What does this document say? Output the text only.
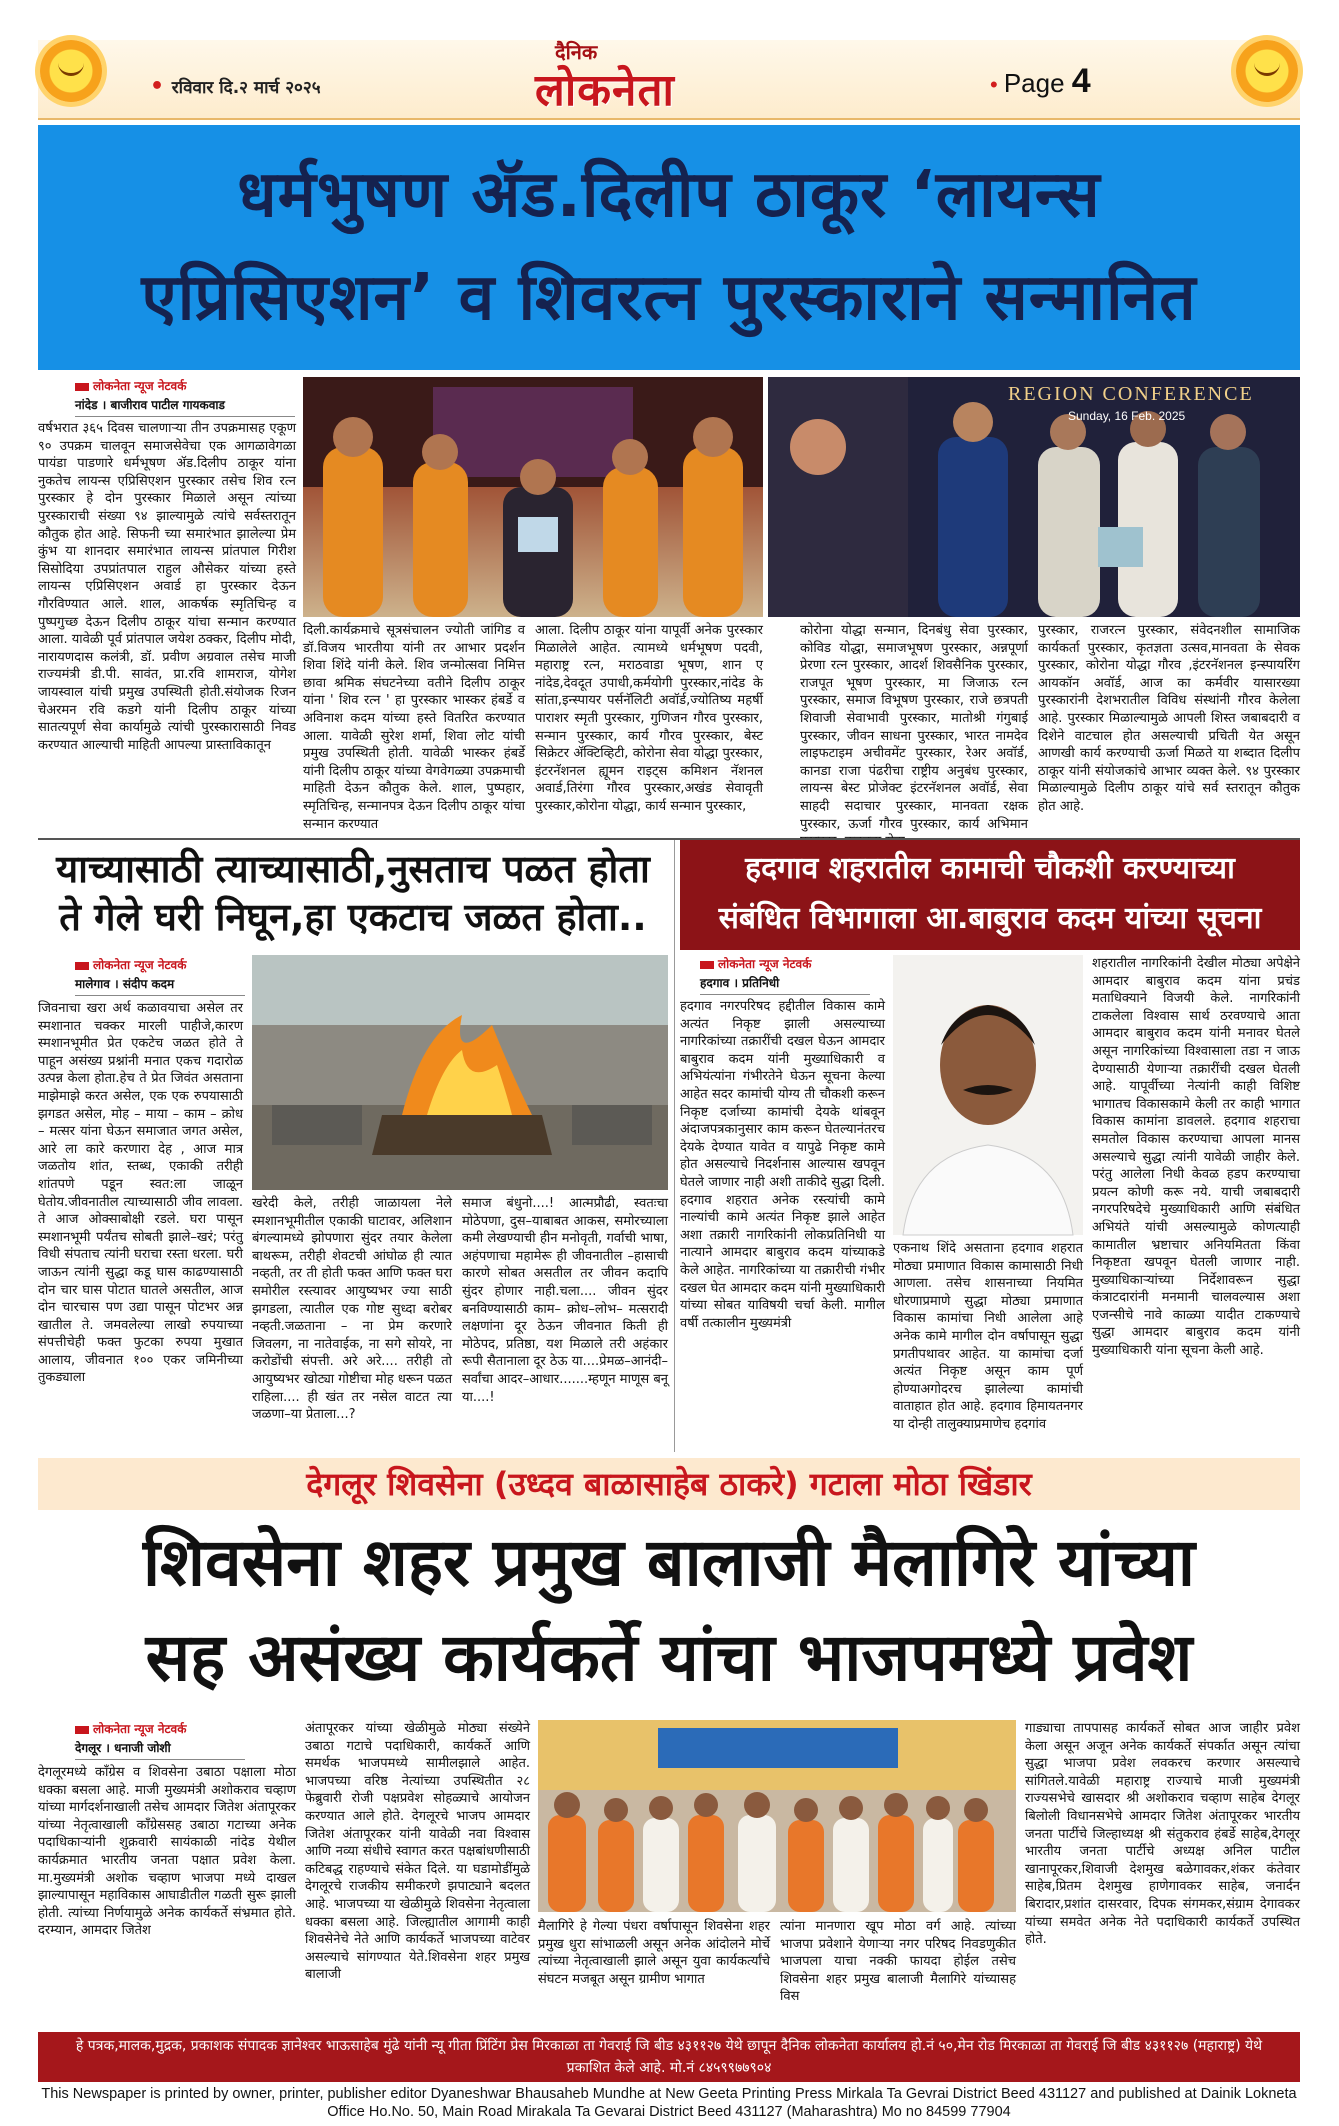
• रविवार दि.२ मार्च २०२५
दैनिक
लोकनेता	• Page 4
धर्मभुषण ॲड.दिलीप ठाकूर ‘लायन्स
एप्रिसिएशन’ व शिवरत्न पुरस्काराने सन्मानित
लोकनेता न्यूज नेटवर्क
नांदेड । बाजीराव पाटील गायकवाड
वर्षभरात ३६५ दिवस चालणाऱ्या तीन उपक्रमासह एकूण ९० उपक्रम चालवून समाजसेवेचा एक आगळावेगळा पायंडा पाडणारे धर्मभूषण ॲड.दिलीप ठाकूर यांना नुकतेच लायन्स एप्रिसिएशन पुरस्कार तसेच शिव रत्न पुरस्कार हे दोन पुरस्कार मिळाले असून त्यांच्या पुरस्काराची संख्या ९४ झाल्यामुळे त्यांचे सर्वस्तरातून कौतुक होत आहे. सिफनी च्या समारंभात झालेल्या प्रेम कुंभ या शानदार समारंभात लायन्स प्रांतपाल गिरीश सिसोदिया उपप्रांतपाल राहुल औसेकर यांच्या हस्ते लायन्स एप्रिसिएशन अवार्ड हा पुरस्कार देऊन गौरविण्यात आले. शाल, आकर्षक स्मृतिचिन्ह व पुष्पगुच्छ देऊन दिलीप ठाकूर यांचा सन्मान करण्यात आला. यावेळी पूर्व प्रांतपाल जयेश ठक्कर, दिलीप मोदी, नारायणदास कलंत्री, डॉ. प्रवीण अग्रवाल तसेच माजी राज्यमंत्री डी.पी. सावंत, प्रा.रवि शामराज, योगेश जायस्वाल यांची प्रमुख उपस्थिती होती.संयोजक रिजन चेअरमन रवि कडगे यांनी दिलीप ठाकूर यांच्या सातत्यपूर्ण सेवा कार्यामुळे त्यांची पुरस्कारासाठी निवड करण्यात आल्याची माहिती आपल्या प्रास्ताविकातून
REGION CONFERENCE
Sunday, 16 Feb. 2025
दिली.कार्यक्रमाचे सूत्रसंचालन ज्योती जांगिड व डॉ.विजय भारतीया यांनी तर आभार प्रदर्शन शिवा शिंदे यांनी केले. शिव जन्मोत्सवा निमित्त छावा श्रमिक संघटनेच्या वतीने दिलीप ठाकूर यांना ' शिव रत्न ' हा पुरस्कार भास्कर हंबर्डे व अविनाश कदम यांच्या हस्ते वितरित करण्यात आला. यावेळी सुरेश शर्मा, शिवा लोट यांची प्रमुख उपस्थिती होती. यावेळी भास्कर हंबर्डे यांनी दिलीप ठाकूर यांच्या वेगवेगळ्या उपक्रमाची माहिती देऊन कौतुक केले. शाल, पुष्पहार, स्मृतिचिन्ह, सन्मानपत्र देऊन दिलीप ठाकूर यांचा सन्मान करण्यात
आला. दिलीप ठाकूर यांना यापूर्वी अनेक पुरस्कार मिळालेले आहेत. त्यामध्ये धर्मभूषण पदवी, महाराष्ट्र रत्न, मराठवाडा भूषण, शान ए नांदेड,देवदूत उपाधी,कर्मयोगी पुरस्कार,नांदेड के सांता,इन्स्पायर पर्सनॅलिटी अवॉर्ड,ज्योतिष्य महर्षी पाराशर स्मृती पुरस्कार, गुणिजन गौरव पुरस्कार, सन्मान पुरस्कार, कार्य गौरव पुरस्कार, बेस्ट सिक्रेटर ॲक्टिव्हिटी, कोरोना सेवा योद्धा पुरस्कार, इंटरनॅशनल ह्यूमन राइट्स कमिशन नॅशनल अवार्ड,तिरंगा गौरव पुरस्कार,अखंड सेवावृती पुरस्कार,कोरोना योद्धा, कार्य सन्मान पुरस्कार,
कोरोना योद्धा सन्मान, दिनबंधु सेवा पुरस्कार, कोविड योद्धा, समाजभूषण पुरस्कार, अन्नपूर्णा प्रेरणा रत्न पुरस्कार, आदर्श शिवसैनिक पुरस्कार, राजपूत भूषण पुरस्कार, मा जिजाऊ रत्न पुरस्कार, समाज विभूषण पुरस्कार, राजे छत्रपती शिवाजी सेवाभावी पुरस्कार, मातोश्री गंगुबाई पुरस्कार, जीवन साधना पुरस्कार, भारत नामदेव लाइफटाइम अचीवमेंट पुरस्कार, रेअर अवॉर्ड, कानडा राजा पंढरीचा राष्ट्रीय अनुबंध पुरस्कार, लायन्स बेस्ट प्रोजेक्ट इंटरनॅशनल अवॉर्ड, सेवा साहदी सदाचार पुरस्कार, मानवता रक्षक पुरस्कार, ऊर्जा गौरव पुरस्कार, कार्य अभिमान
पुरस्कार, राजरत्न पुरस्कार, संवेदनशील सामाजिक कार्यकर्ता पुरस्कार, कृतज्ञता उत्सव,मानवता के सेवक पुरस्कार, कोरोना योद्धा गौरव ,इंटरनॅशनल इन्स्पायरिंग आयकॉन अवॉर्ड, आज का कर्मवीर यासारख्या पुरस्कारांनी देशभरातील विविध संस्थांनी गौरव केलेला आहे. पुरस्कार मिळाल्यामुळे आपली शिस्त जबाबदारी व दिशेने वाटचाल होत असल्याची प्रचिती येत असून आणखी कार्य करण्याची ऊर्जा मिळते या शब्दात दिलीप ठाकूर यांनी संयोजकांचे आभार व्यक्त केले. ९४ पुरस्कार मिळाल्यामुळे दिलीप ठाकूर यांचे सर्व स्तरातून कौतुक होत आहे.
याच्यासाठी त्याच्यासाठी,नुसताच पळत होता
ते गेले घरी निघून,हा एकटाच जळत होता..
लोकनेता न्यूज नेटवर्क
मालेगाव । संदीप कदम
जिवनाचा खरा अर्थ कळावयाचा असेल तर स्मशानात चक्कर मारली पाहीजे,कारण स्मशानभूमीत प्रेत एकटेच जळत होते ते पाहून असंख्य प्रश्नांनी मनात एकच गदारोळ उत्पन्न केला होता.हेच ते प्रेत जिवंत असताना माझेमाझे करत असेल, एक एक रुपयासाठी झगडत असेल, मोह – माया – काम – क्रोध – मत्सर यांना घेऊन समाजात जगत असेल, आरे ला कारे करणारा देह , आज मात्र जळतोय शांत, स्तब्ध, एकाकी तरीही शांतपणे पडून स्वत:ला जाळून घेतोय.जीवनातील त्याच्यासाठी जीव लावला. ते आज ओक्साबोक्षी रडले. घरा पासून स्मशानभूमी पर्यंतच सोबती झाले–खरं; परंतु विधी संपताच त्यांनी घराचा रस्ता धरला. घरी जाऊन त्यांनी सुद्धा कडू घास काढण्यासाठी दोन चार घास पोटात घातले असतील, आज दोन चारचास पण उद्या पासून पोटभर अन्न खातील ते. जमवलेल्या लाखो रुपयाच्या संपत्तीचेही फक्त फुटका रुपया मुखात आलाय, जीवनात १०० एकर जमिनीच्या तुकड्याला
खरेदी केले, तरीही जाळायला नेले स्मशानभूमीतील एकाकी घाटावर, अलिशान बंगल्यामध्ये झोपणारा सुंदर तयार केलेला बाथरूम, तरीही शेवटची आंघोळ ही त्यात नव्हती, तर ती होती फक्त आणि फक्त घरा समोरील रस्त्यावर आयुष्यभर ज्या साठी झगडला, त्यातील एक गोष्ट सुध्दा बरोबर नव्हती.जळताना – ना प्रेम करणारे जिवलग, ना नातेवाईक, ना सगे सोयरे, ना करोडोंची संपत्ती. अरे अरे.... तरीही तो आयुष्यभर खोट्या गोष्टीचा मोह धरून पळत राहिला.... ही खंत तर नसेल वाटत त्या जळणा–या प्रेताला...?
समाज बंधुनो....! आत्मप्रौढी, स्वतःचा मोठेपणा, दुस–याबाबत आकस, समोरच्याला कमी लेखण्याची हीन मनोवृती, गर्वाची भाषा, अहंपणाचा महामेरू ही जीवनातील –हासाची कारणे सोबत असतील तर जीवन कदापि सुंदर होणार नाही.चला.... जीवन सुंदर बनविण्यासाठी काम– क्रोध–लोभ– मत्सरादी लक्षणांना दूर ठेऊन जीवनात किती ही मोठेपद, प्रतिष्ठा, यश मिळाले तरी अहंकार रूपी सैतानाला दूर ठेऊ या....प्रेमळ–आनंदी– सर्वांचा आदर–आधार.......म्हणून माणूस बनू या....!
हदगाव शहरातील कामाची चौकशी करण्याच्या
संबंधित विभागाला आ.बाबुराव कदम यांच्या सूचना
लोकनेता न्यूज नेटवर्क
हदगाव । प्रतिनिधी
हदगाव नगरपरिषद हद्दीतील विकास कामे अत्यंत निकृष्ट झाली असल्याच्या नागरिकांच्या तक्रारींची दखल घेऊन आमदार बाबुराव कदम यांनी मुख्याधिकारी व अभियंत्यांना गंभीरतेने घेऊन सूचना केल्या आहेत सदर कामांची योग्य ती चौकशी करून निकृष्ट दर्जाच्या कामांची देयके थांबवून अंदाजपत्रकानुसार काम करून घेतल्यानंतरच देयके देण्यात यावेत व यापुढे निकृष्ट कामे होत असल्याचे निदर्शनास आल्यास खपवून घेतले जाणार नाही अशी ताकीदे सुद्धा दिली. हदगाव शहरात अनेक रस्त्यांची कामे नाल्यांची कामे अत्यंत निकृष्ट झाले आहेत अशा तक्रारी नागरिकांनी लोकप्रतिनिधी या नात्याने आमदार बाबुराव कदम यांच्याकडे केले आहेत. नागरिकांच्या या तक्रारीची गंभीर दखल घेत आमदार कदम यांनी मुख्याधिकारी यांच्या सोबत याविषयी चर्चा केली. मागील वर्षी तत्कालीन मुख्यमंत्री
एकनाथ शिंदे असताना हदगाव शहरात मोठ्या प्रमाणात विकास कामासाठी निधी आणला. तसेच शासनाच्या नियमित धोरणाप्रमाणे सुद्धा मोठ्या प्रमाणात विकास कामांचा निधी आलेला आहे अनेक कामे मागील दोन वर्षापासून सुद्धा प्रगतीपथावर आहेत. या कामांचा दर्जा अत्यंत निकृष्ट असून काम पूर्ण होण्याअगोदरच झालेल्या कामांची वाताहात होत आहे. हदगाव हिमायतनगर या दोन्ही तालुक्याप्रमाणेच हदगांव
शहरातील नागरिकांनी देखील मोठ्या अपेक्षेने आमदार बाबुराव कदम यांना प्रचंड मताधिक्याने विजयी केले. नागरिकांनी टाकलेला विश्वास सार्थ ठरवण्याचे आता आमदार बाबुराव कदम यांनी मनावर घेतले असून नागरिकांच्या विश्वासाला तडा न जाऊ देण्यासाठी येणाऱ्या तक्रारींची दखल घेतली आहे. यापूर्वीच्या नेत्यांनी काही विशिष्ट भागातच विकासकामे केली तर काही भागात विकास कामांना डावलले. हदगाव शहराचा समतोल विकास करण्याचा आपला मानस असल्याचे सुद्धा त्यांनी यावेळी जाहीर केले. परंतु आलेला निधी केवळ हडप करण्याचा प्रयत्न कोणी करू नये. याची जबाबदारी नगरपरिषदेचे मुख्याधिकारी आणि संबंधित अभियंते यांची असल्यामुळे कोणत्याही कामातील भ्रष्टाचार अनियमितता किंवा निकृष्टता खपवून घेतली जाणार नाही. मुख्याधिकाऱ्यांच्या निर्देशावरून सुद्धा कंत्राटदारांनी मनमानी चालवल्यास अशा एजन्सीचे नावे काळ्या यादीत टाकण्याचे सुद्धा आमदार बाबुराव कदम यांनी मुख्याधिकारी यांना सूचना केली आहे.
देगलूर शिवसेना (उध्दव बाळासाहेब ठाकरे) गटाला मोठा खिंडार
शिवसेना शहर प्रमुख बालाजी मैलागिरे यांच्या
सह असंख्य कार्यकर्ते यांचा भाजपमध्ये प्रवेश
लोकनेता न्यूज नेटवर्क
देगलूर । धनाजी जोशी
देगलूरमध्ये कॉंग्रेस व शिवसेना उबाठा पक्षाला मोठा धक्का बसला आहे. माजी मुख्यमंत्री अशोकराव चव्हाण यांच्या मार्गदर्शनाखाली तसेच आमदार जितेश अंतापूरकर यांच्या नेतृत्वाखाली काँग्रेससह उबाठा गटाच्या अनेक पदाधिकाऱ्यांनी शुक्रवारी सायंकाळी नांदेड येथील कार्यक्रमात भारतीय जनता पक्षात प्रवेश केला. मा.मुख्यमंत्री अशोक चव्हाण भाजपा मध्ये दाखल झाल्यापासून महाविकास आघाडीतील गळती सुरू झाली होती. त्यांच्या निर्णयामुळे अनेक कार्यकर्ते संभ्रमात होते. दरम्यान, आमदार जितेश
अंतापूरकर यांच्या खेळीमुळे मोठ्या संख्येने उबाठा गटाचे पदाधिकारी, कार्यकर्ते आणि समर्थक भाजपमध्ये सामीलझाले आहेत. भाजपच्या वरिष्ठ नेत्यांच्या उपस्थितीत २८ फेब्रुवारी रोजी पक्षप्रवेश सोहळ्याचे आयोजन करण्यात आले होते. देगलूरचे भाजप आमदार जितेश अंतापूरकर यांनी यावेळी नवा विश्वास आणि नव्या संधीचे स्वागत करत पक्षबांधणीसाठी कटिबद्ध राहण्याचे संकेत दिले. या घडामोडींमुळे देगलूरचे राजकीय समीकरणे झपाट्याने बदलत आहे. भाजपच्या या खेळीमुळे शिवसेना नेतृत्वाला धक्का बसला आहे. जिल्ह्यातील आगामी काही शिवसेनेचे नेते आणि कार्यकर्ते भाजपच्या वाटेवर असल्याचे सांगण्यात येते.शिवसेना शहर प्रमुख बालाजी
मैलागिरे हे गेल्या पंधरा वर्षापासून शिवसेना शहर प्रमुख धुरा सांभाळली असून अनेक आंदोलने मोर्चे त्यांच्या नेतृत्वाखाली झाले असून युवा कार्यकर्त्यांचे संघटन मजबूत असून ग्रामीण भागात
त्यांना मानणारा खूप मोठा वर्ग आहे. त्यांच्या भाजपा प्रवेशाने येणाऱ्या नगर परिषद निवडणुकीत भाजपला याचा नक्की फायदा होईल तसेच शिवसेना शहर प्रमुख बालाजी मैलागिरे यांच्यासह विस
गाड्याचा तापपासह कार्यकर्ते सोबत आज जाहीर प्रवेश केला असून अजून अनेक कार्यकर्ते संपर्कात असून त्यांचा सुद्धा भाजपा प्रवेश लवकरच करणार असल्याचे सांगितले.यावेळी महाराष्ट्र राज्याचे माजी मुख्यमंत्री राज्यसभेचे खासदार श्री अशोकराव चव्हाण साहेब देगलूर बिलोली विधानसभेचे आमदार जितेश अंतापूरकर भारतीय जनता पार्टीचे जिल्हाध्यक्ष श्री संतुकराव हंबर्डे साहेब,देगलूर भारतीय जनता पार्टीचे अध्यक्ष अनिल पाटील खानापूरकर,शिवाजी देशमुख बळेगावकर,शंकर कंतेवार साहेब,प्रितम देशमुख हाणेगावकर साहेब, जनार्दन बिरादार,प्रशांत दासरवार, दिपक संगमकर,संग्राम देगावकर यांच्या समवेत अनेक नेते पदाधिकारी कार्यकर्ते उपस्थित होते.
हे पत्रक,मालक,मुद्रक, प्रकाशक संपादक ज्ञानेश्वर भाऊसाहेब मुंढे यांनी न्यू गीता प्रिंटिंग प्रेस मिरकाळा ता गेवराई जि बीड ४३११२७ येथे छापून दैनिक लोकनेता कार्यालय हो.नं ५०,मेन रोड मिरकाळा ता गेवराई जि बीड ४३११२७ (महाराष्ट्र) येथे प्रकाशित केले आहे. मो.नं ८४५९९७७९०४
This Newspaper is printed by owner, printer, publisher editor Dyaneshwar Bhausaheb Mundhe at New Geeta Printing Press Mirkala Ta Gevrai District Beed 431127 and published at Dainik Lokneta Office Ho.No. 50, Main Road Mirakala Ta Gevarai District Beed 431127 (Maharashtra) Mo no 84599 77904
